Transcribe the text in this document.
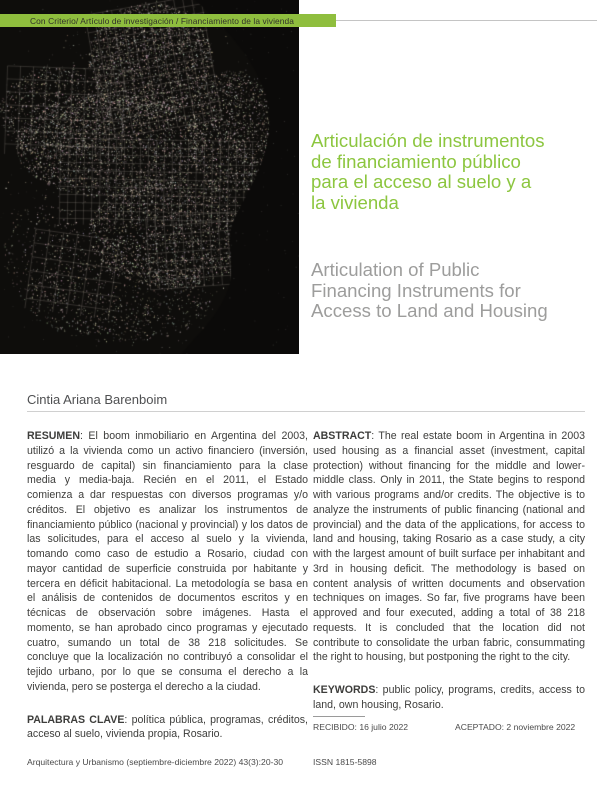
Con Criterio/ Artículo de investigación / Financiamiento de la vivienda
Articulación de instrumentos
de financiamiento público
para el acceso al suelo y a
la vivienda
Articulation of Public
Financing Instruments for
Access to Land and Housing
Cintia Ariana Barenboim

RESUMEN: El boom inmobiliario en Argentina del 2003, utilizó a la vivienda como un activo financiero (inversión, resguardo de capital) sin financiamiento para la clase media y media-baja. Recién en el 2011, el Estado comienza a dar respuestas con diversos programas y/o créditos. El objetivo es analizar los instrumentos de financiamiento público (nacional y provincial) y los datos de las solicitudes, para el acceso al suelo y la vivienda, tomando como caso de estudio a Rosario, ciudad con mayor cantidad de superficie construida por habitante y tercera en déficit habitacional. La metodología se basa en el análisis de contenidos de documentos escritos y en técnicas de observación sobre imágenes. Hasta el momento, se han aprobado cinco programas y ejecutado cuatro, sumando un total de 38 218 solicitudes. Se concluye que la localización no contribuyó a consolidar el tejido urbano, por lo que se consuma el derecho a la vivienda, pero se posterga el derecho a la ciudad.

PALABRAS CLAVE: política pública, programas, créditos, acceso al suelo, vivienda propia, Rosario.

ABSTRACT: The real estate boom in Argentina in 2003 used housing as a financial asset (investment, capital protection) without financing for the middle and lower-middle class. Only in 2011, the State begins to respond with various programs and/or credits. The objective is to analyze the instruments of public financing (national and provincial) and the data of the applications, for access to land and housing, taking Rosario as a case study, a city with the largest amount of built surface per inhabitant and 3rd in housing deficit. The methodology is based on content analysis of written documents and observation techniques on images. So far, five programs have been approved and four executed, adding a total of 38 218 requests. It is concluded that the location did not contribute to consolidate the urban fabric, consummating the right to housing, but postponing the right to the city.

KEYWORDS: public policy, programs, credits, access to land, own housing, Rosario.

RECIBIDO: 16 julio 2022	ACEPTADO: 2 noviembre 2022
Arquitectura y Urbanismo (septiembre-diciembre 2022) 43(3):20-30	ISSN 1815-5898
